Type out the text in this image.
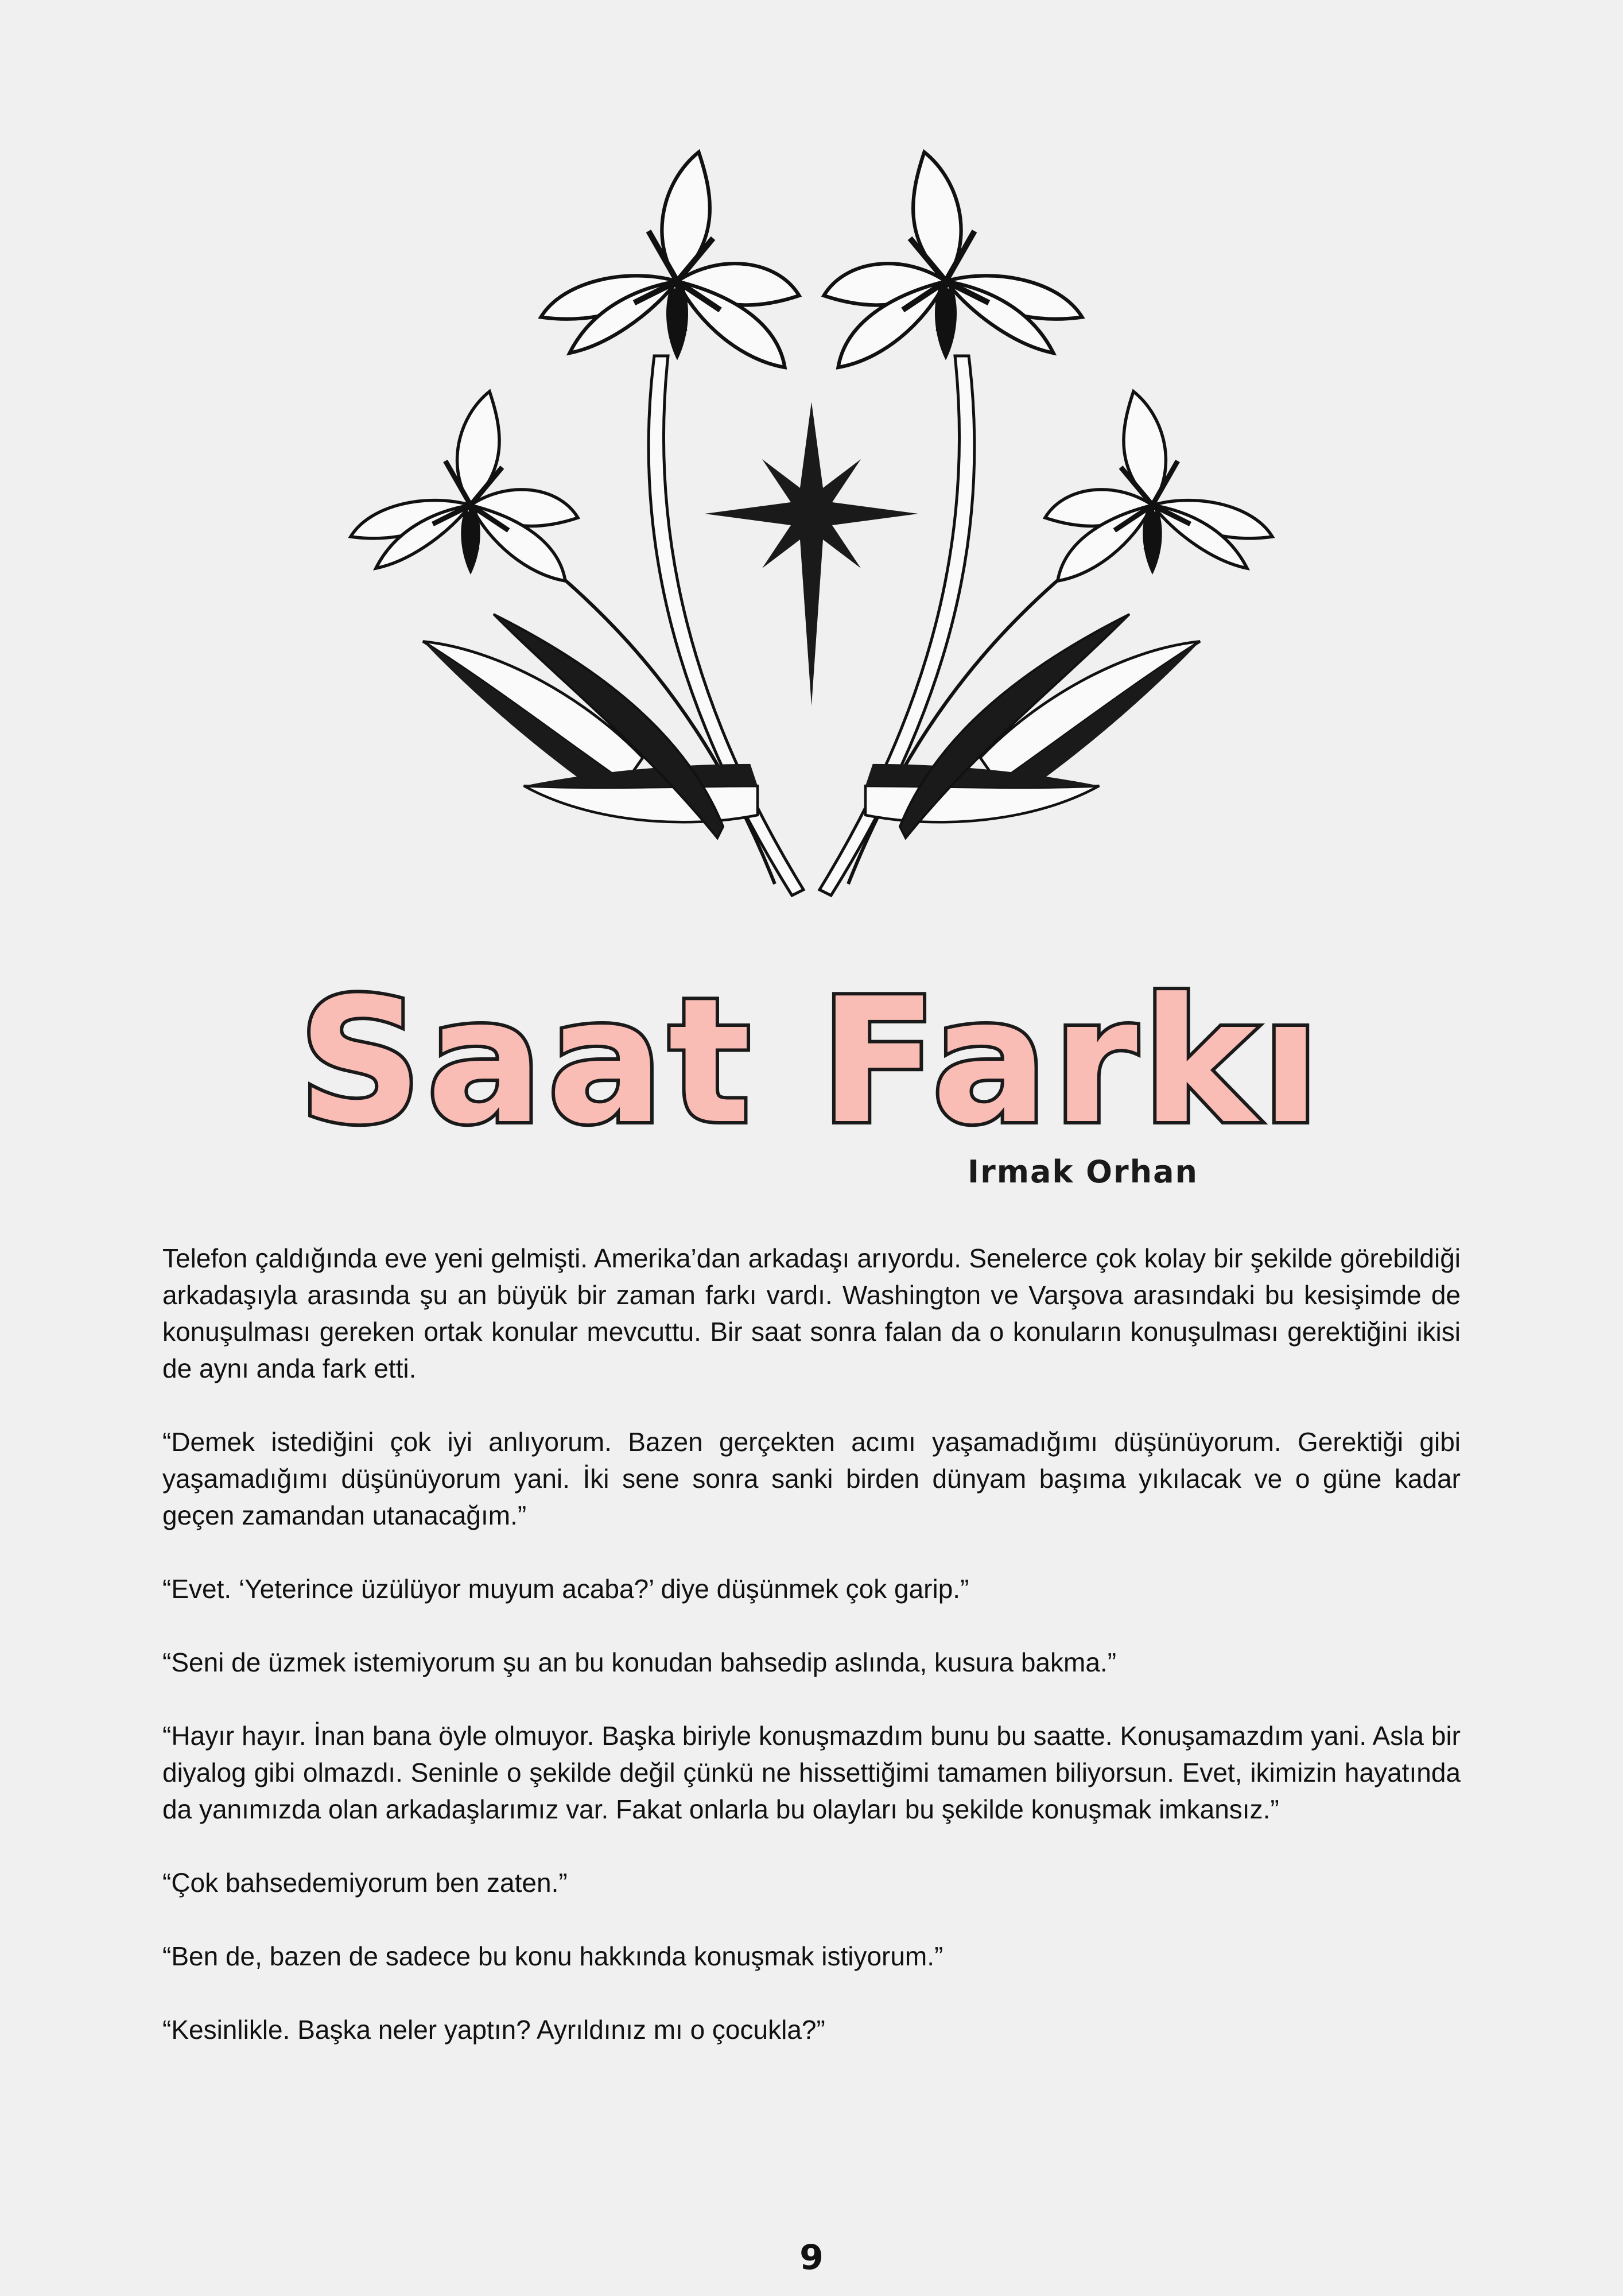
Saat Farkı
Irmak Orhan

Telefon çaldığında eve yeni gelmişti. Amerika’dan arkadaşı arıyordu. Senelerce çok kolay bir şekilde görebildiği arkadaşıyla arasında şu an büyük bir zaman farkı vardı. Washington ve Varşova arasındaki bu kesişimde de konuşulması gereken ortak konular mevcuttu. Bir saat sonra falan da o konuların konuşulması gerektiğini ikisi de aynı anda fark etti.

“Demek istediğini çok iyi anlıyorum. Bazen gerçekten acımı yaşamadığımı düşünüyorum. Gerektiği gibi yaşamadığımı düşünüyorum yani. İki sene sonra sanki birden dünyam başıma yıkılacak ve o güne kadar geçen zamandan utanacağım.”

“Evet. ‘Yeterince üzülüyor muyum acaba?’ diye düşünmek çok garip.”

“Seni de üzmek istemiyorum şu an bu konudan bahsedip aslında, kusura bakma.”

“Hayır hayır. İnan bana öyle olmuyor. Başka biriyle konuşmazdım bunu bu saatte. Konuşamazdım yani. Asla bir diyalog gibi olmazdı. Seninle o şekilde değil çünkü ne hissettiğimi tamamen biliyorsun. Evet, ikimizin hayatında da yanımızda olan arkadaşlarımız var. Fakat onlarla bu olayları bu şekilde konuşmak imkansız.”

“Çok bahsedemiyorum ben zaten.”

“Ben de, bazen de sadece bu konu hakkında konuşmak istiyorum.”

“Kesinlikle. Başka neler yaptın? Ayrıldınız mı o çocukla?”

9
